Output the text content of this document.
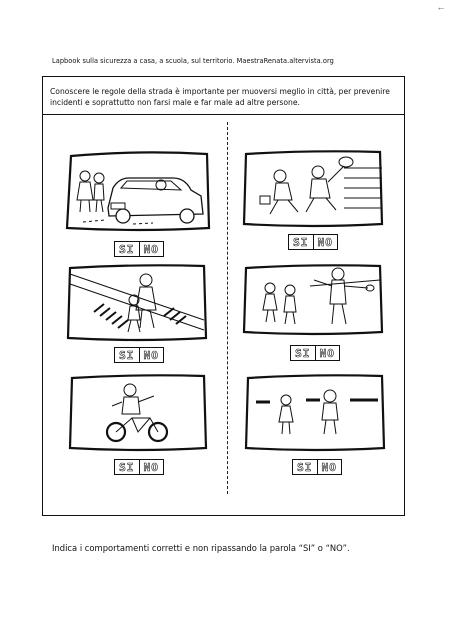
←
Lapbook sulla sicurezza a casa, a scuola, sul territorio. MaestraRenata.altervista.org
Conoscere le regole della strada è importante per muoversi meglio in città, per prevenire incidenti e soprattutto non farsi male e far male ad altre persone.
SI NO
SI NO
SI NO	SI NO
SI NO	SI NO
Indica i comportamenti corretti e non ripassando la parola “SI” o “NO”.
